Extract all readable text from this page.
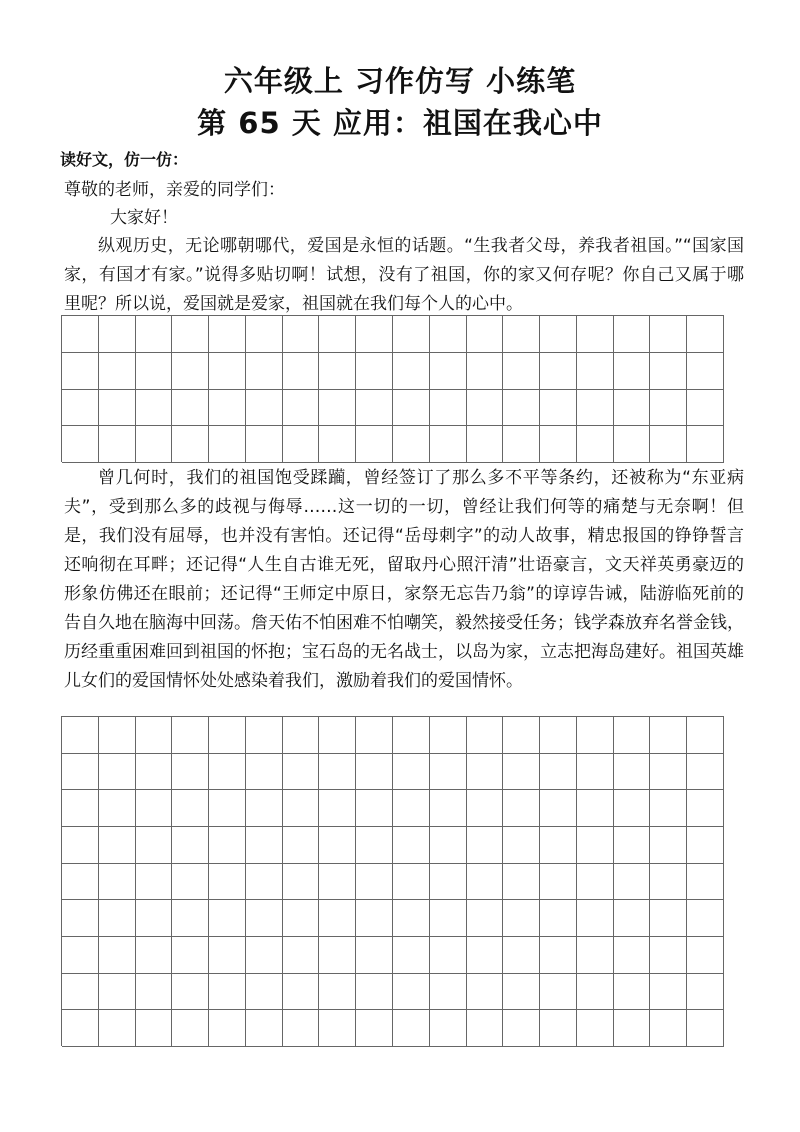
六年级上 习作仿写 小练笔
第 65 天 应用：祖国在我心中
读好文，仿一仿：

尊敬的老师，亲爱的同学们：

大家好！

纵观历史，无论哪朝哪代，爱国是永恒的话题。“生我者父母，养我者祖国。”“国家国家，有国才有家。”说得多贴切啊！试想，没有了祖国，你的家又何存呢？你自己又属于哪里呢？所以说，爱国就是爱家，祖国就在我们每个人的心中。

曾几何时，我们的祖国饱受蹂躏，曾经签订了那么多不平等条约，还被称为“东亚病夫”，受到那么多的歧视与侮辱……这一切的一切，曾经让我们何等的痛楚与无奈啊！但是，我们没有屈辱，也并没有害怕。还记得“岳母刺字”的动人故事，精忠报国的铮铮誓言还响彻在耳畔；还记得“人生自古谁无死，留取丹心照汗清”壮语豪言，文天祥英勇豪迈的形象仿佛还在眼前；还记得“王师定中原日，家祭无忘告乃翁”的谆谆告诫，陆游临死前的告自久地在脑海中回荡。詹天佑不怕困难不怕嘲笑，毅然接受任务；钱学森放弃名誉金钱，历经重重困难回到祖国的怀抱；宝石岛的无名战士，以岛为家，立志把海岛建好。祖国英雄儿女们的爱国情怀处处感染着我们，激励着我们的爱国情怀。
